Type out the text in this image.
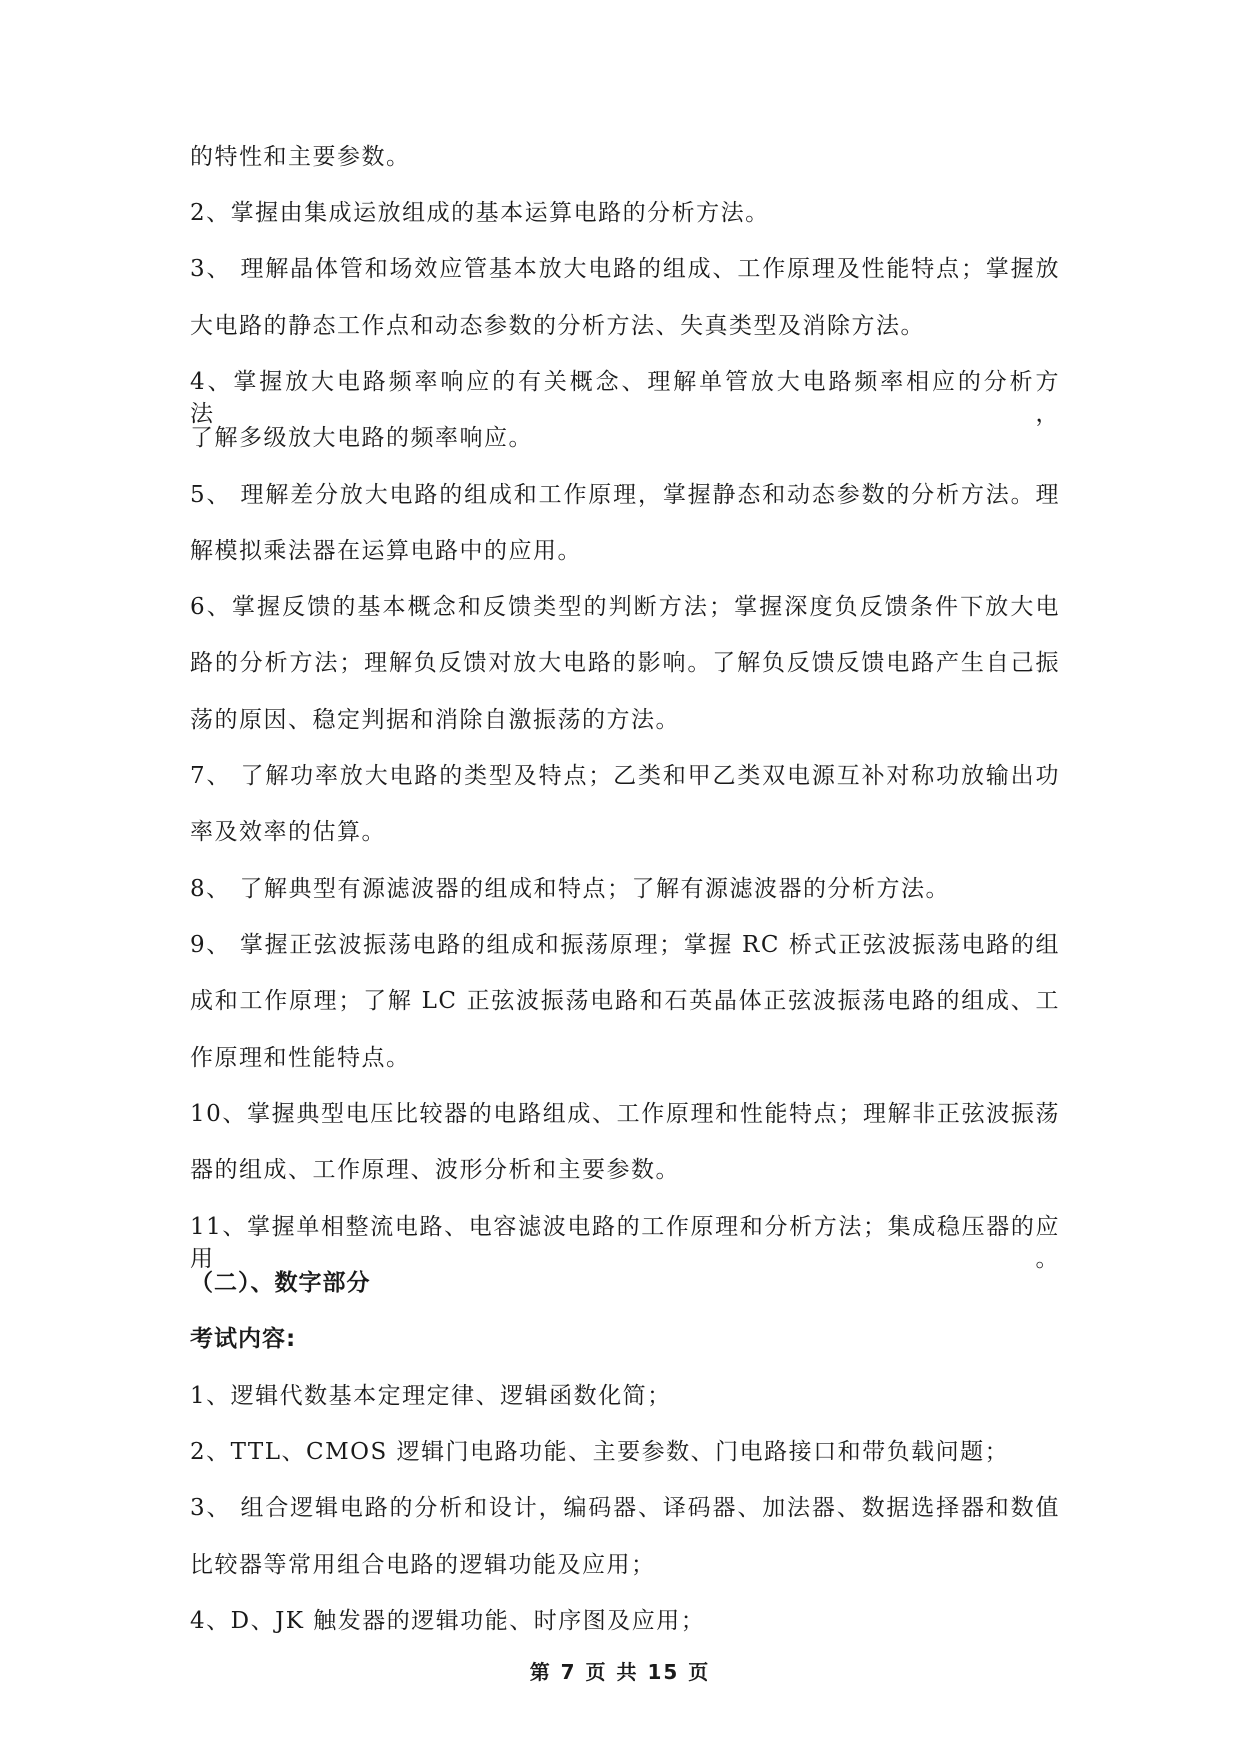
的特性和主要参数。
2、掌握由集成运放组成的基本运算电路的分析方法。
3、 理解晶体管和场效应管基本放大电路的组成、工作原理及性能特点；掌握放
大电路的静态工作点和动态参数的分析方法、失真类型及消除方法。
4、掌握放大电路频率响应的有关概念、理解单管放大电路频率相应的分析方法，
了解多级放大电路的频率响应。
5、 理解差分放大电路的组成和工作原理，掌握静态和动态参数的分析方法。理
解模拟乘法器在运算电路中的应用。
6、掌握反馈的基本概念和反馈类型的判断方法；掌握深度负反馈条件下放大电
路的分析方法；理解负反馈对放大电路的影响。了解负反馈反馈电路产生自己振
荡的原因、稳定判据和消除自激振荡的方法。
7、 了解功率放大电路的类型及特点；乙类和甲乙类双电源互补对称功放输出功
率及效率的估算。
8、 了解典型有源滤波器的组成和特点；了解有源滤波器的分析方法。
9、 掌握正弦波振荡电路的组成和振荡原理；掌握 RC 桥式正弦波振荡电路的组
成和工作原理；了解 LC 正弦波振荡电路和石英晶体正弦波振荡电路的组成、工
作原理和性能特点。
10、掌握典型电压比较器的电路组成、工作原理和性能特点；理解非正弦波振荡
器的组成、工作原理、波形分析和主要参数。
11、掌握单相整流电路、电容滤波电路的工作原理和分析方法；集成稳压器的应用。
（二）、数字部分
考试内容:
1、逻辑代数基本定理定律、逻辑函数化简；
2、TTL、CMOS 逻辑门电路功能、主要参数、门电路接口和带负载问题；
3、 组合逻辑电路的分析和设计，编码器、译码器、加法器、数据选择器和数值
比较器等常用组合电路的逻辑功能及应用；
4、D、JK 触发器的逻辑功能、时序图及应用；
第 7 页 共 15 页
